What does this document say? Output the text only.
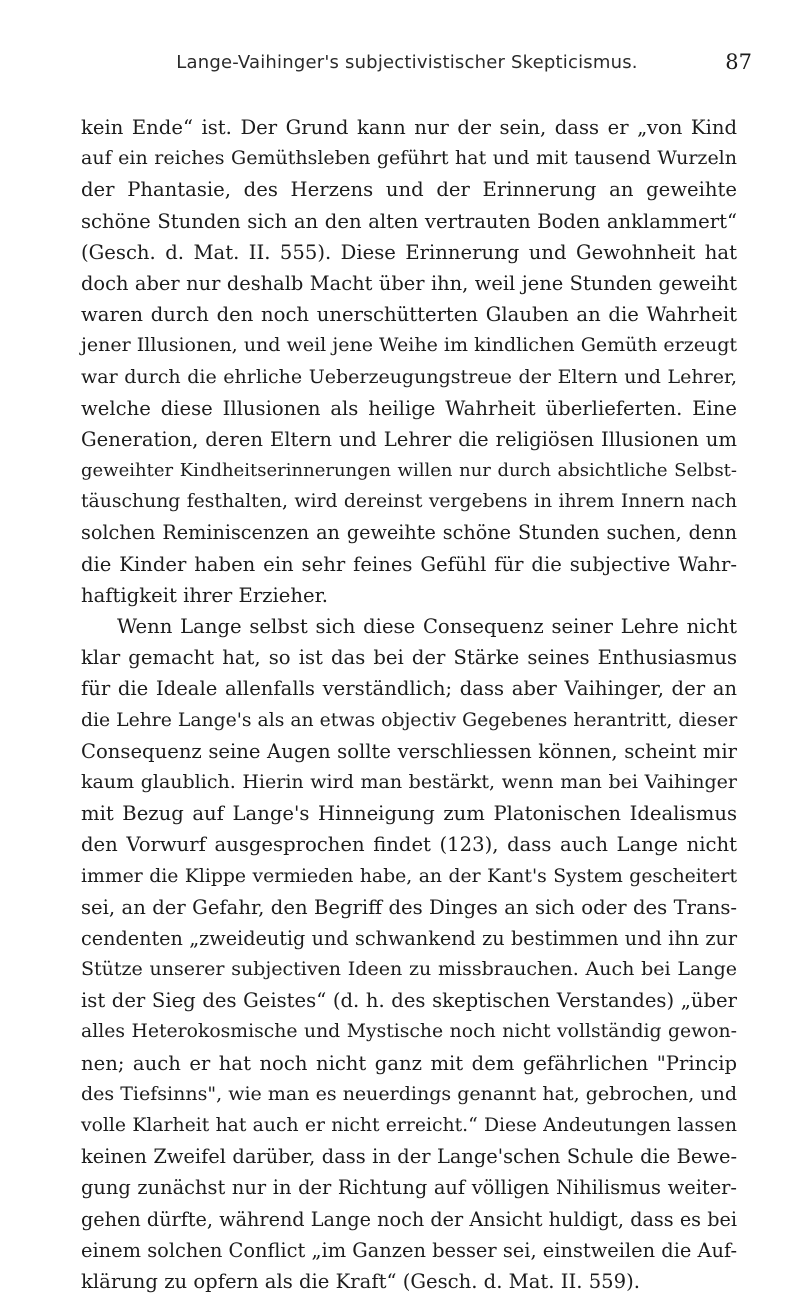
Lange-Vaihinger's subjectivistischer Skepticismus.	87
kein Ende“ ist. Der Grund kann nur der sein, dass er „von Kind
auf ein reiches Gemüthsleben geführt hat und mit tausend Wurzeln
der Phantasie, des Herzens und der Erinnerung an geweihte
schöne Stunden sich an den alten vertrauten Boden anklammert“
(Gesch. d. Mat. II. 555). Diese Erinnerung und Gewohnheit hat
doch aber nur deshalb Macht über ihn, weil jene Stunden geweiht
waren durch den noch unerschütterten Glauben an die Wahrheit
jener Illusionen, und weil jene Weihe im kindlichen Gemüth erzeugt
war durch die ehrliche Ueberzeugungstreue der Eltern und Lehrer,
welche diese Illusionen als heilige Wahrheit überlieferten. Eine
Generation, deren Eltern und Lehrer die religiösen Illusionen um
geweihter Kindheitserinnerungen willen nur durch absichtliche Selbst-
täuschung festhalten, wird dereinst vergebens in ihrem Innern nach
solchen Reminiscenzen an geweihte schöne Stunden suchen, denn
die Kinder haben ein sehr feines Gefühl für die subjective Wahr-
haftigkeit ihrer Erzieher.
Wenn Lange selbst sich diese Consequenz seiner Lehre nicht
klar gemacht hat, so ist das bei der Stärke seines Enthusiasmus
für die Ideale allenfalls verständlich; dass aber Vaihinger, der an
die Lehre Lange's als an etwas objectiv Gegebenes herantritt, dieser
Consequenz seine Augen sollte verschliessen können, scheint mir
kaum glaublich. Hierin wird man bestärkt, wenn man bei Vaihinger
mit Bezug auf Lange's Hinneigung zum Platonischen Idealismus
den Vorwurf ausgesprochen findet (123), dass auch Lange nicht
immer die Klippe vermieden habe, an der Kant's System gescheitert
sei, an der Gefahr, den Begriff des Dinges an sich oder des Trans-
cendenten „zweideutig und schwankend zu bestimmen und ihn zur
Stütze unserer subjectiven Ideen zu missbrauchen. Auch bei Lange
ist der Sieg des Geistes“ (d. h. des skeptischen Verstandes) „über
alles Heterokosmische und Mystische noch nicht vollständig gewon-
nen; auch er hat noch nicht ganz mit dem gefährlichen "Princip
des Tiefsinns", wie man es neuerdings genannt hat, gebrochen, und
volle Klarheit hat auch er nicht erreicht.“ Diese Andeutungen lassen
keinen Zweifel darüber, dass in der Lange'schen Schule die Bewe-
gung zunächst nur in der Richtung auf völligen Nihilismus weiter-
gehen dürfte, während Lange noch der Ansicht huldigt, dass es bei
einem solchen Conflict „im Ganzen besser sei, einstweilen die Auf-
klärung zu opfern als die Kraft“ (Gesch. d. Mat. II. 559).
